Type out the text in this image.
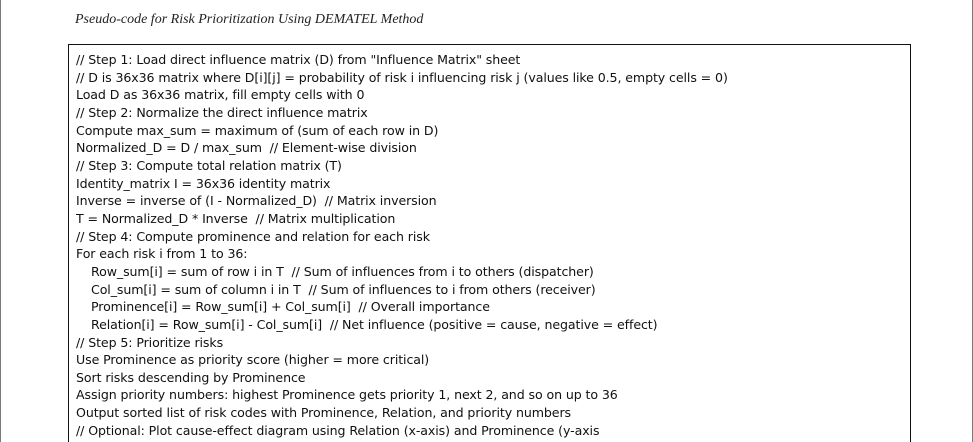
Pseudo-code for Risk Prioritization Using DEMATEL Method
// Step 1: Load direct influence matrix (D) from "Influence Matrix" sheet
// D is 36x36 matrix where D[i][j] = probability of risk i influencing risk j (values like 0.5, empty cells = 0)
Load D as 36x36 matrix, fill empty cells with 0
// Step 2: Normalize the direct influence matrix
Compute max_sum = maximum of (sum of each row in D)
Normalized_D = D / max_sum  // Element-wise division
// Step 3: Compute total relation matrix (T)
Identity_matrix I = 36x36 identity matrix
Inverse = inverse of (I - Normalized_D)  // Matrix inversion
T = Normalized_D * Inverse  // Matrix multiplication
// Step 4: Compute prominence and relation for each risk
For each risk i from 1 to 36:
Row_sum[i] = sum of row i in T  // Sum of influences from i to others (dispatcher)
Col_sum[i] = sum of column i in T  // Sum of influences to i from others (receiver)
Prominence[i] = Row_sum[i] + Col_sum[i]  // Overall importance
Relation[i] = Row_sum[i] - Col_sum[i]  // Net influence (positive = cause, negative = effect)
// Step 5: Prioritize risks
Use Prominence as priority score (higher = more critical)
Sort risks descending by Prominence
Assign priority numbers: highest Prominence gets priority 1, next 2, and so on up to 36
Output sorted list of risk codes with Prominence, Relation, and priority numbers
// Optional: Plot cause-effect diagram using Relation (x-axis) and Prominence (y-axis
